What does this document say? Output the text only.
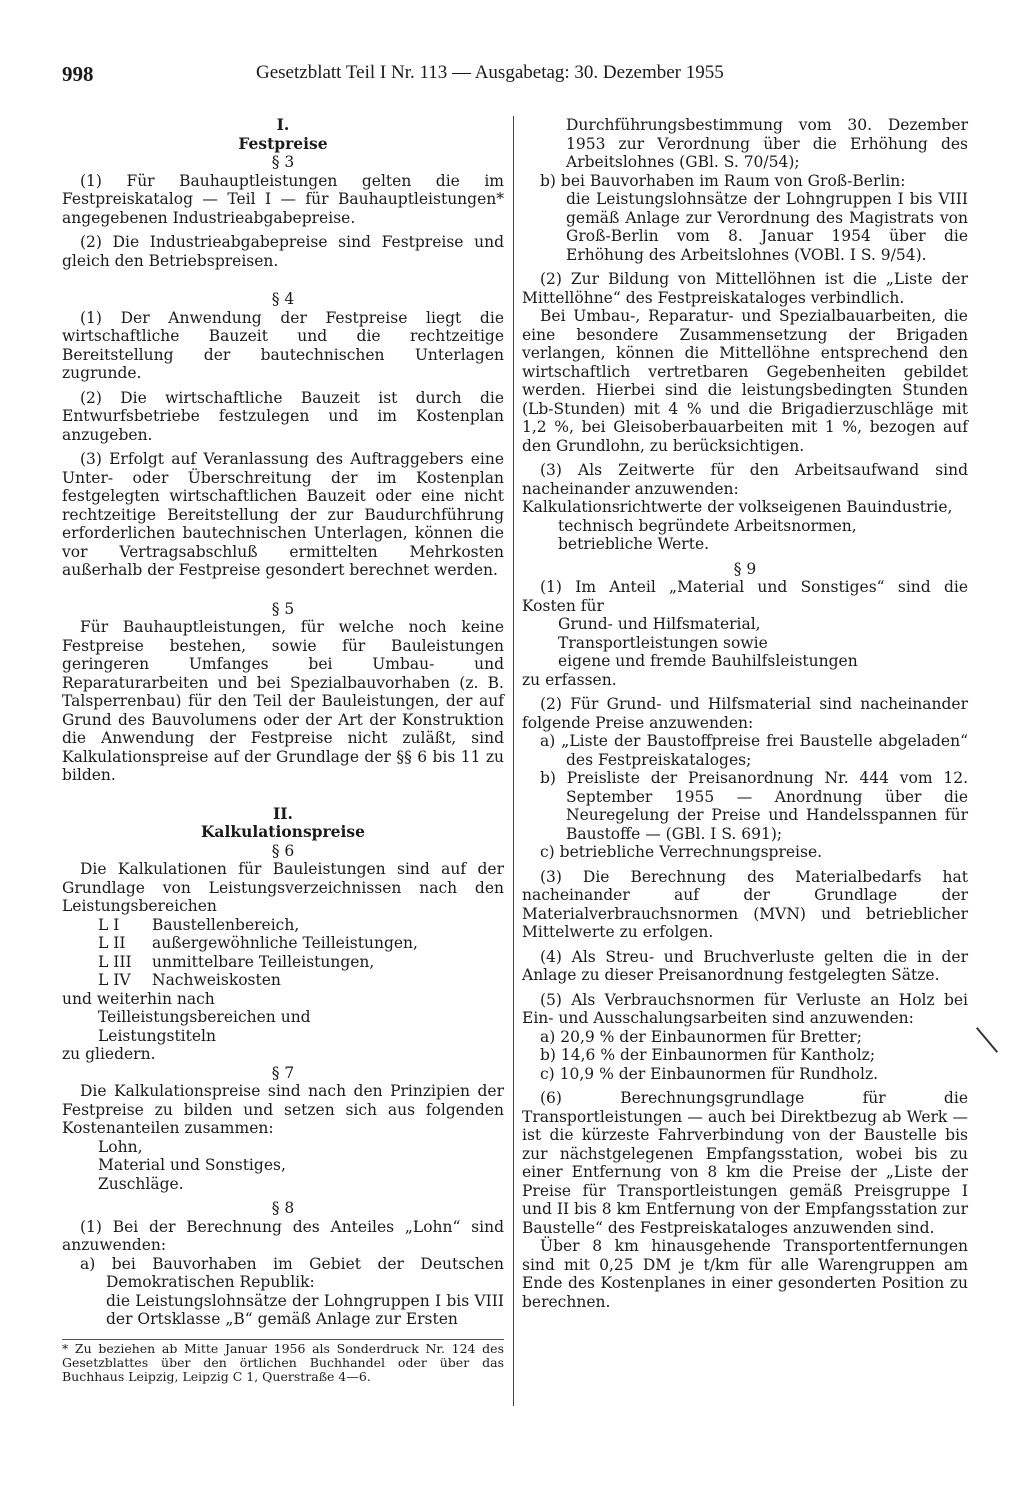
998	Gesetzblatt Teil I Nr. 113 — Ausgabetag: 30. Dezember 1955

I.

Festpreise

§ 3

(1) Für Bauhauptleistungen gelten die im Festpreiskatalog — Teil I — für Bauhauptleistungen* angegebenen Industrieabgabepreise.

(2) Die Industrieabgabepreise sind Festpreise und gleich den Betriebspreisen.

§ 4

(1) Der Anwendung der Festpreise liegt die wirtschaftliche Bauzeit und die rechtzeitige Bereitstellung der bautechnischen Unterlagen zugrunde.

(2) Die wirtschaftliche Bauzeit ist durch die Entwurfsbetriebe festzulegen und im Kostenplan anzugeben.

(3) Erfolgt auf Veranlassung des Auftraggebers eine Unter- oder Überschreitung der im Kostenplan festgelegten wirtschaftlichen Bauzeit oder eine nicht rechtzeitige Bereitstellung der zur Baudurchführung erforderlichen bautechnischen Unterlagen, können die vor Vertragsabschluß ermittelten Mehrkosten außerhalb der Festpreise gesondert berechnet werden.

§ 5

Für Bauhauptleistungen, für welche noch keine Festpreise bestehen, sowie für Bauleistungen geringeren Umfanges bei Umbau- und Reparaturarbeiten und bei Spezialbauvorhaben (z. B. Talsperrenbau) für den Teil der Bauleistungen, der auf Grund des Bauvolumens oder der Art der Konstruktion die Anwendung der Festpreise nicht zuläßt, sind Kalkulationspreise auf der Grundlage der §§ 6 bis 11 zu bilden.

II.

Kalkulationspreise

§ 6

Die Kalkulationen für Bauleistungen sind auf der Grundlage von Leistungsverzeichnissen nach den Leistungsbereichen

L I	Baustellenbereich,
L II	außergewöhnliche Teilleistungen,
L III	unmittelbare Teilleistungen,
L IV	Nachweiskosten

und weiterhin nach

Teilleistungsbereichen und

Leistungstiteln

zu gliedern.

§ 7

Die Kalkulationspreise sind nach den Prinzipien der Festpreise zu bilden und setzen sich aus folgenden Kostenanteilen zusammen:

Lohn,

Material und Sonstiges,

Zuschläge.

§ 8

(1) Bei der Berechnung des Anteiles „Lohn“ sind anzuwenden:

a) bei Bauvorhaben im Gebiet der Deutschen Demokratischen Republik:

die Leistungslohnsätze der Lohngruppen I bis VIII der Ortsklasse „B“ gemäß Anlage zur Ersten

* Zu beziehen ab Mitte Januar 1956 als Sonderdruck Nr. 124 des Gesetzblattes über den örtlichen Buchhandel oder über das Buchhaus Leipzig, Leipzig C 1, Querstraße 4—6.

Durchführungsbestimmung vom 30. Dezember 1953 zur Verordnung über die Erhöhung des Arbeitslohnes (GBl. S. 70/54);

b) bei Bauvorhaben im Raum von Groß-Berlin:

die Leistungslohnsätze der Lohngruppen I bis VIII gemäß Anlage zur Verordnung des Magistrats von Groß-Berlin vom 8. Januar 1954 über die Erhöhung des Arbeitslohnes (VOBl. I S. 9/54).

(2) Zur Bildung von Mittellöhnen ist die „Liste der Mittellöhne“ des Festpreiskataloges verbindlich.

Bei Umbau-, Reparatur- und Spezialbauarbeiten, die eine besondere Zusammensetzung der Brigaden verlangen, können die Mittellöhne entsprechend den wirtschaftlich vertretbaren Gegebenheiten gebildet werden. Hierbei sind die leistungsbedingten Stunden (Lb-Stunden) mit 4 % und die Brigadierzuschläge mit 1,2 %, bei Gleisoberbauarbeiten mit 1 %, bezogen auf den Grundlohn, zu berücksichtigen.

(3) Als Zeitwerte für den Arbeitsaufwand sind nacheinander anzuwenden:

Kalkulationsrichtwerte der volkseigenen Bauindustrie,

technisch begründete Arbeitsnormen,

betriebliche Werte.

§ 9

(1) Im Anteil „Material und Sonstiges“ sind die Kosten für

Grund- und Hilfsmaterial,

Transportleistungen sowie

eigene und fremde Bauhilfsleistungen

zu erfassen.

(2) Für Grund- und Hilfsmaterial sind nacheinander folgende Preise anzuwenden:

a) „Liste der Baustoffpreise frei Baustelle abgeladen“ des Festpreiskataloges;

b) Preisliste der Preisanordnung Nr. 444 vom 12. September 1955 — Anordnung über die Neuregelung der Preise und Handelsspannen für Baustoffe — (GBl. I S. 691);

c) betriebliche Verrechnungspreise.

(3) Die Berechnung des Materialbedarfs hat nacheinander auf der Grundlage der Materialverbrauchsnormen (MVN) und betrieblicher Mittelwerte zu erfolgen.

(4) Als Streu- und Bruchverluste gelten die in der Anlage zu dieser Preisanordnung festgelegten Sätze.

(5) Als Verbrauchsnormen für Verluste an Holz bei Ein- und Ausschalungsarbeiten sind anzuwenden:

a) 20,9 % der Einbaunormen für Bretter;

b) 14,6 % der Einbaunormen für Kantholz;

c) 10,9 % der Einbaunormen für Rundholz.

(6) Berechnungsgrundlage für die Transportleistungen — auch bei Direktbezug ab Werk — ist die kürzeste Fahrverbindung von der Baustelle bis zur nächstgelegenen Empfangsstation, wobei bis zu einer Entfernung von 8 km die Preise der „Liste der Preise für Transportleistungen gemäß Preisgruppe I und II bis 8 km Entfernung von der Empfangsstation zur Baustelle“ des Festpreiskataloges anzuwenden sind.

Über 8 km hinausgehende Transportentfernungen sind mit 0,25 DM je t/km für alle Warengruppen am Ende des Kostenplanes in einer gesonderten Position zu berechnen.
